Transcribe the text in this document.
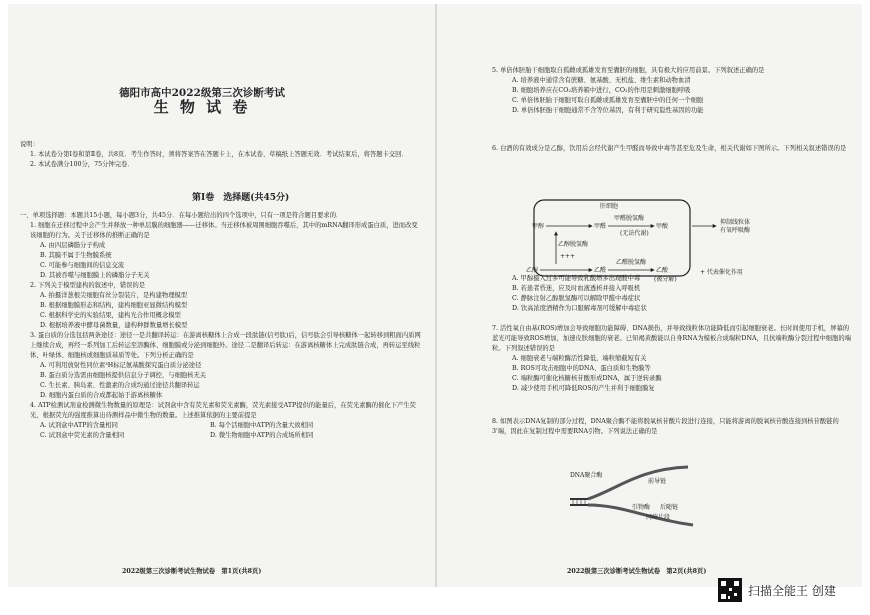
德阳市高中2022级第三次诊断考试
生 物 试 卷
说明：
1. 本试卷分第Ⅰ卷和第Ⅱ卷，共8页．考生作答时，须将答案答在答题卡上，在本试卷、草稿纸上答题无效．考试结束后，将答题卡交回．
2. 本试卷满分100分，75分钟完卷．
第Ⅰ卷　选择题(共45分)
一、单项选择题：本题共15小题，每小题3分，共45分．在每小题给出的四个选项中，只有一项是符合题目要求的．
1. 细胞在迁移过程中会产生并释放一种单层膜的细胞器——迁移体。当迁移体被周围细胞吞噬后，其中的mRNA翻译形成蛋白质，进而改变该细胞的行为。关于迁移体的推断正确的是
A. 由四层磷脂分子构成
B. 其膜不属于生物膜系统
C. 可能参与细胞间的信息交流
D. 其被吞噬与细胞膜上的磷脂分子无关
2. 下列关于模型建构的叙述中，错误的是
A. 拍摄洋葱根尖细胞有丝分裂装片，是构建物理模型
B. 根据细胞膜形态和结构，建构细胞亚显微结构模型
C. 根据科学史的实验结果，建构光合作用概念模型
D. 根据培养液中酵母菌数量，建构种群数量增长模型
3. 蛋白质的分选包括两条途径：途径一是共翻译转运：在游离核糖体上合成一段肽链(信号肽)后，信号肽会引导核糖体一起转移到粗面内质网上继续合成，再经一系列加工后转运至溶酶体、细胞膜或分泌到细胞外。途径二是翻译后转运：在游离核糖体上完成肽链合成，再转运至线粒体、叶绿体、细胞核或细胞质基质等处。下列分析正确的是
A. 可利用放射性同位素³H标记氨基酸探究蛋白质分泌途径
B. 蛋白质分选需由细胞核提供信息分子调控，与细胞核无关
C. 生长素、胰岛素、性激素的合成均通过途径共翻译转运
D. 细胞内蛋白质的合成都起始于游离核糖体
4. ATP检测试剂盒检测微生物数量的原理是：试剂盒中含有荧光素和荧光素酶，荧光素接受ATP提供的能量后，在荧光素酶的催化下产生荧光，根据荧光的强度推算出待测样品中微生物的数量。上述推算依据的主要前提是
A. 试剂盒中ATP的含量相同	B. 每个活细胞中ATP的含量大致相同
C. 试剂盒中荧光素的含量相同	D. 微生物细胞中ATP的合成场所相同
2022级第三次诊断考试生物试卷　第1页(共8页)
5. 单倍体胚胎干细胞取自孤雌或孤雄发育至囊胚的细胞，具有极大的应用前景。下列叙述正确的是
A. 培养液中通常含有蔗糖、氨基酸、无机盐、维生素和动物血清
B. 细胞培养应在CO₂培养箱中进行，CO₂的作用是刺激细胞呼吸
C. 单倍体胚胎干细胞可取自孤雌或孤雄发育至囊胚中的任何一个细胞
D. 单倍体胚胎干细胞通常不含等位基因，有利于研究隐性基因的功能
6. 白酒的有效成分是乙醇，饮用后会经代谢产生甲醛而导致中毒等甚至危及生命，相关代谢如下图所示。下列相关叙述错误的是
A. 甲醇摄入过多可能导致乳酸增多出现酸中毒
B. 若患者昏迷，应及时血液透析并接入呼吸机
C. 静脉注射乙醇脱氢酶可以解除甲醛中毒症状
D. 饮高浓度酒精作为口服解毒剂可缓解中毒症状
7. 活性氧自由基(ROS)增加会导致细胞功能障碍、DNA损伤，并导致线粒体功能降低而引起细胞衰老。长时间使用手机，屏幕的蓝光可能导致ROS增加，加速皮肤细胞的衰老。已知褐黄酸能以自身RNA为模板合成端粒DNA，且抗端粒酶分裂过程中细胞的端粒。下列叙述错误的是
A. 细胞衰老与端粒酶活性降低，端粒缩截短有关
B. ROS可攻击细胞中的DNA、蛋白质和生物膜等
C. 端粒酶可催化核糖核苷酸形成DNA，属于逆转录酶
D. 减少使用手机可降低ROS的产生并利于细胞膜复
8. 如图表示DNA复制的部分过程，DNA聚合酶不能将脱氧核苷酸片段进行连接，只能将游离的脱氧核苷酸连接到核苷酸链的3'端，因此在复制过程中需要RNA引物。下列说法正确的是
2022级第三次诊断考试生物试卷　第2页(共8页)
肝细胞
甲醇	甲醛
甲醛脱氢酶
(无法代谢)
甲酸
抑制线粒体
有氧呼吸酶
乙醇脱氢酶
+++
乙醇	乙醛
乙醛脱氢酶
乙酸
(被分解)
+ 代表催化作用
DNA聚合酶
前导链
引物酶 后随链
冈崎片段
扫描全能王 创建
